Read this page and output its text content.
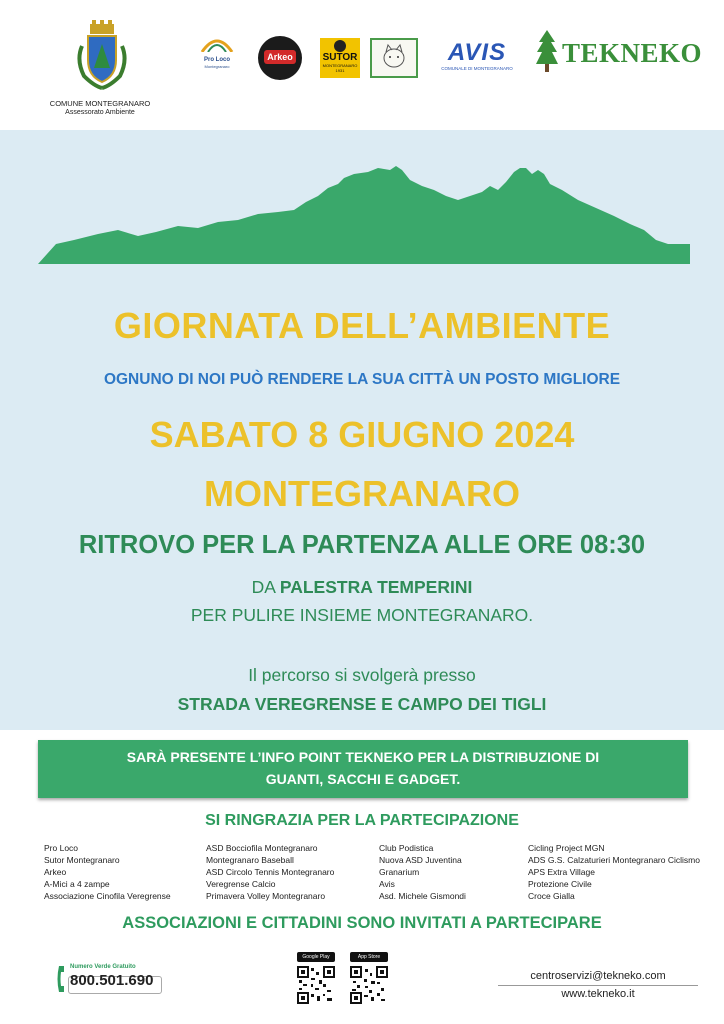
COMUNE MONTEGRANARO
Assessorato Ambiente
Pro Loco
Montegranaro
Arkeo	SUTOR
MONTEGRANARO
1931
AVIS
COMUNALE DI MONTEGRANARO
TEKNEKO
GIORNATA DELL’AMBIENTE
OGNUNO DI NOI PUÒ RENDERE LA SUA CITTÀ UN POSTO MIGLIORE
SABATO 8 GIUGNO 2024
MONTEGRANARO
RITROVO PER LA PARTENZA ALLE ORE 08:30
DA PALESTRA TEMPERINI
PER PULIRE INSIEME MONTEGRANARO.
Il percorso si svolgerà presso
STRADA VEREGRENSE E CAMPO DEI TIGLI
SARÀ PRESENTE L’INFO POINT TEKNEKO PER LA DISTRIBUZIONE DI
GUANTI, SACCHI E GADGET.
SI RINGRAZIA PER LA PARTECIPAZIONE
Pro Loco
Sutor Montegranaro
Arkeo
A-Mici a 4 zampe
Associazione Cinofila Veregrense
ASD Bocciofila Montegranaro
Montegranaro Baseball
ASD Circolo Tennis Montegranaro
Veregrense Calcio
Primavera Volley Montegranaro
Club Podistica
Nuova ASD Juventina
Granarium
Avis
Asd. Michele Gismondi
Cicling Project MGN
ADS G.S. Calzaturieri Montegranaro Ciclismo
APS Extra Village
Protezione Civile
Croce Gialla
ASSOCIAZIONI E CITTADINI SONO INVITATI A PARTECIPARE
Numero Verde Gratuito
800.501.690
Google Play	App Store
centroservizi@tekneko.com
www.tekneko.it
